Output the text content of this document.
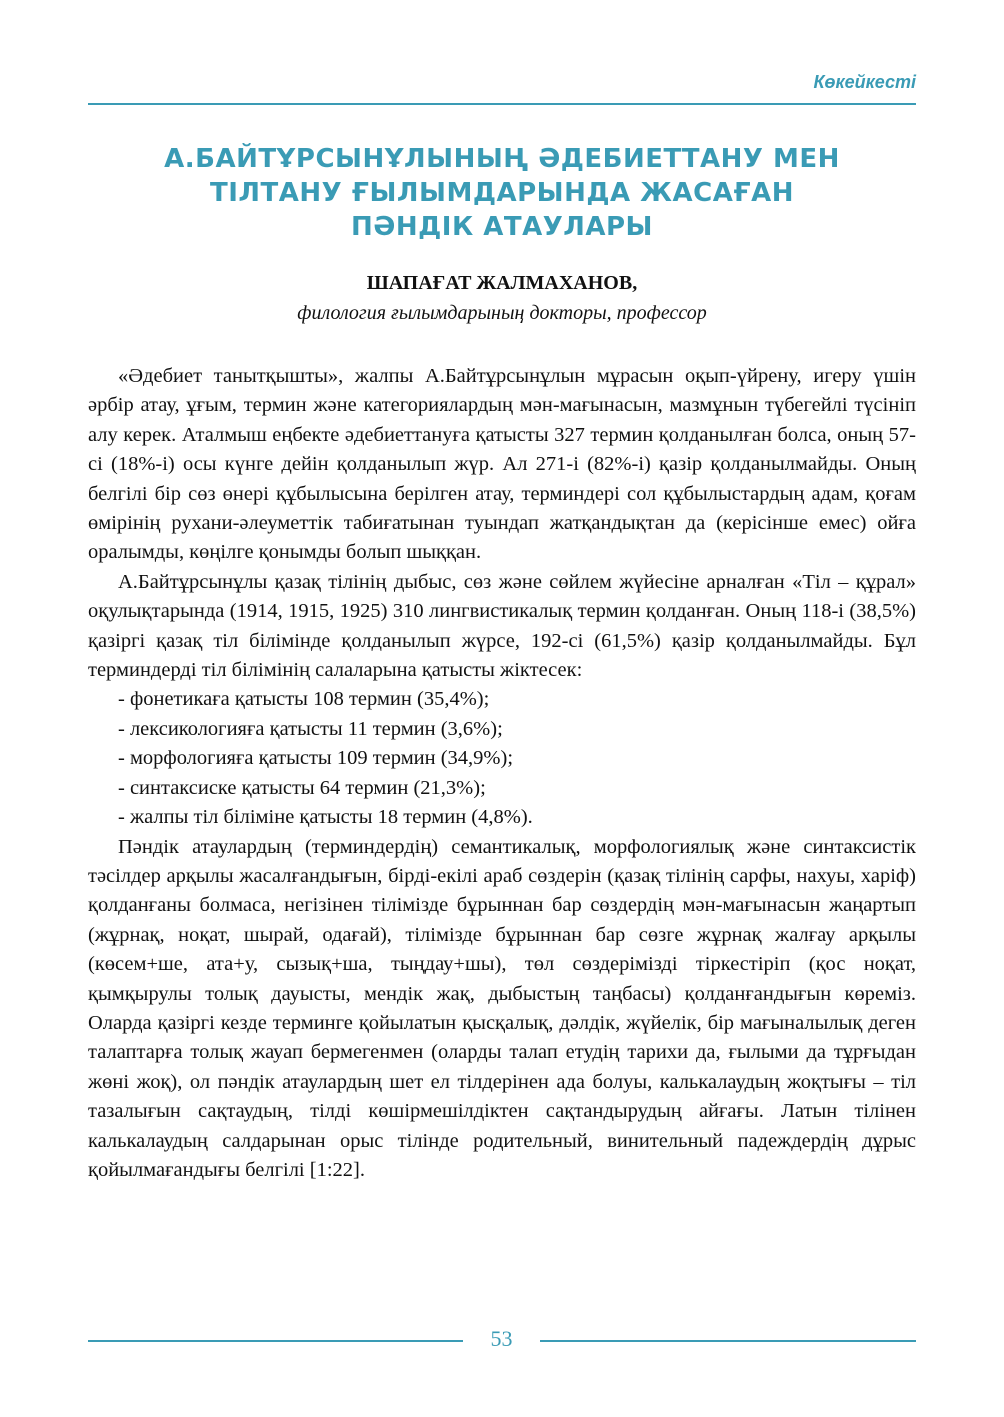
Көкейкесті
А.БАЙТҰРСЫНҰЛЫНЫҢ ӘДЕБИЕТТАНУ МЕН
ТІЛТАНУ ҒЫЛЫМДАРЫНДА ЖАСАҒАН
ПӘНДІК АТАУЛАРЫ
ШАПАҒАТ ЖАЛМАХАНОВ,
филология ғылымдарының докторы, профессор

«Әдебиет танытқышты», жалпы А.Байтұрсынұлын мұрасын оқып-үйрену, игеру үшін әрбір атау, ұғым, термин және категориялардың мән-мағынасын, мазмұнын түбегейлі түсініп алу керек. Аталмыш еңбекте әдебиеттануға қатысты 327 термин қолданылған болса, оның 57-сі (18%-і) осы күнге дейін қолданылып жүр. Ал 271-і (82%-і) қазір қолданылмайды. Оның белгілі бір сөз өнері құбылысына берілген атау, терминдері сол құбылыстардың адам, қоғам өмірінің рухани-әлеуметтік табиғатынан туындап жатқандықтан да (керісінше емес) ойға оралымды, көңілге қонымды болып шыққан.

А.Байтұрсынұлы қазақ тілінің дыбыс, сөз және сөйлем жүйесіне арналған «Тіл – құрал» оқулықтарында (1914, 1915, 1925) 310 лингвистикалық термин қолданған. Оның 118-і (38,5%) қазіргі қазақ тіл білімінде қолданылып жүрсе, 192-сі (61,5%) қазір қолданылмайды. Бұл терминдерді тіл білімінің салаларына қатысты жіктесек:

- фонетикаға қатысты 108 термин (35,4%);
- лексикологияға қатысты 11 термин (3,6%);
- морфологияға қатысты 109 термин (34,9%);
- синтаксиске қатысты 64 термин (21,3%);
- жалпы тіл біліміне қатысты 18 термин (4,8%).

Пәндік атаулардың (терминдердің) семантикалық, морфологиялық және синтаксистік тәсілдер арқылы жасалғандығын, бірді-екілі араб сөздерін (қазақ тілінің сарфы, нахуы, харіф) қолданғаны болмаса, негізінен тілімізде бұрыннан бар сөздердің мән-мағынасын жаңартып (жұрнақ, ноқат, шырай, одағай), тілімізде бұрыннан бар сөзге жұрнақ жалғау арқылы (көсем+ше, ата+у, сызық+ша, тыңдау+шы), төл сөздерімізді тіркестіріп (қос ноқат, қымқырулы толық дауысты, мендік жақ, дыбыстың таңбасы) қолданғандығын көреміз. Оларда қазіргі кезде терминге қойылатын қысқалық, дәлдік, жүйелік, бір мағыналылық деген талаптарға толық жауап бермегенмен (оларды талап етудің тарихи да, ғылыми да тұрғыдан жөні жоқ), ол пәндік атаулардың шет ел тілдерінен ада болуы, калькалаудың жоқтығы – тіл тазалығын сақтаудың, тілді көшірмешілдіктен сақтандырудың айғағы. Латын тілінен калькалаудың салдарынан орыс тілінде родительный, винительный падеждердің дұрыс қойылмағандығы белгілі [1:22].

53
